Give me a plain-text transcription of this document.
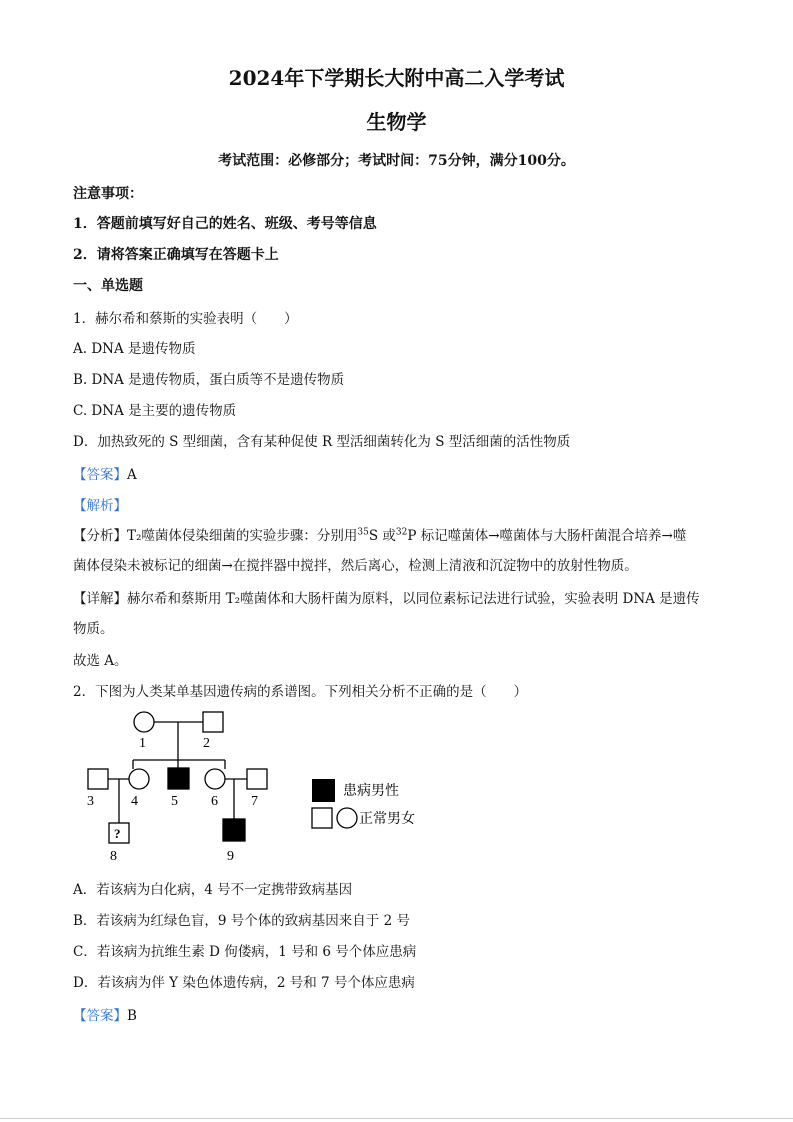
2024年下学期长大附中高二入学考试
生物学
考试范围：必修部分；考试时间：75分钟，满分100分。
注意事项：
1．答题前填写好自己的姓名、班级、考号等信息
2．请将答案正确填写在答题卡上
一、单选题
1．赫尔希和蔡斯的实验表明（　　）
A. DNA 是遗传物质
B. DNA 是遗传物质，蛋白质等不是遗传物质
C. DNA 是主要的遗传物质
D．加热致死的 S 型细菌，含有某种促使 R 型活细菌转化为 S 型活细菌的活性物质
【答案】A
【解析】
【分析】T₂噬菌体侵染细菌的实验步骤：分别用$^{35}$S 或$^{32}$P 标记噬菌体→噬菌体与大肠杆菌混合培养→噬
菌体侵染未被标记的细菌→在搅拌器中搅拌，然后离心，检测上清液和沉淀物中的放射性物质。
【详解】赫尔希和蔡斯用 T₂噬菌体和大肠杆菌为原料，以同位素标记法进行试验，实验表明 DNA 是遗传
物质。
故选 A。
2．下图为人类某单基因遗传病的系谱图。下列相关分析不正确的是（　　）
1	2
3	4 5 6 7
8	9
?
患病男性
正常男女
A．若该病为白化病，4 号不一定携带致病基因
B．若该病为红绿色盲，9 号个体的致病基因来自于 2 号
C．若该病为抗维生素 D 佝偻病，1 号和 6 号个体应患病
D．若该病为伴 Y 染色体遗传病，2 号和 7 号个体应患病
【答案】B
